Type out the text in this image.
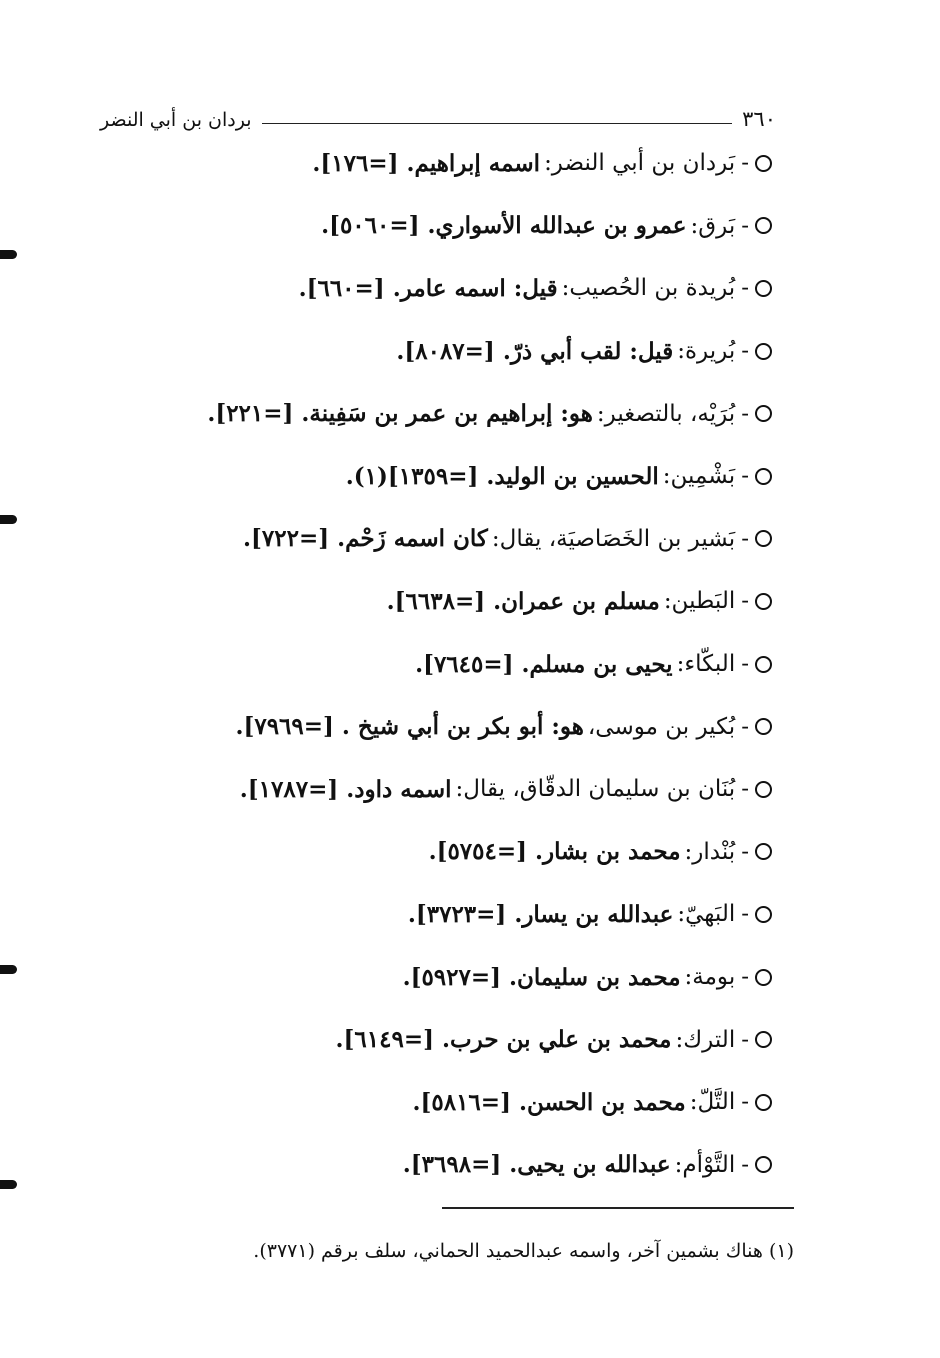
٣٦٠
بردان بن أبي النضر
-
بَردان بن أبي النضر:
اسمه إبراهيم.
[=١٧٦].
-
بَرق:
عمرو بن عبدالله الأسواري.
[=٥٠٦٠].
-
بُريدة بن الحُصيب:
قيل: اسمه عامر.
[=٦٦٠].
-
بُريرة:
قيل: لقب أبي ذرّ.
[=٨٠٨٧].
-
بُرَيْه، بالتصغير:
هو: إبراهيم بن عمر بن سَفِينة.
[=٢٢١].
-
بَشْمِين:
الحسين بن الوليد.
[=١٣٥٩](١).
-
بَشير بن الخَصَاصيَة، يقال:
كان اسمه زَحْم.
[=٧٢٢].
-
البَطين:
مسلم بن عمران.
[=٦٦٣٨].
-
البكّاء:
يحيى بن مسلم.
[=٧٦٤٥].
-
بُكير بن موسى،
هو: أبو بكر بن أبي شيخ .
[=٧٩٦٩].
-
بُنَان بن سليمان الدقّاق، يقال:
اسمه داود.
[=١٧٨٧].
-
بُنْدار:
محمد بن بشار.
[=٥٧٥٤].
-
البَهيّ:
عبدالله بن يسار.
[=٣٧٢٣].
-
بومة:
محمد بن سليمان.
[=٥٩٢٧].
-
الترك:
محمد بن علي بن حرب.
[=٦١٤٩].
-
التَّلّ:
محمد بن الحسن.
[=٥٨١٦].
-
التَّوْأم:
عبدالله بن يحيى.
[=٣٦٩٨].
(١) هناك بشمين آخر، واسمه عبدالحميد الحماني، سلف برقم (٣٧٧١).
